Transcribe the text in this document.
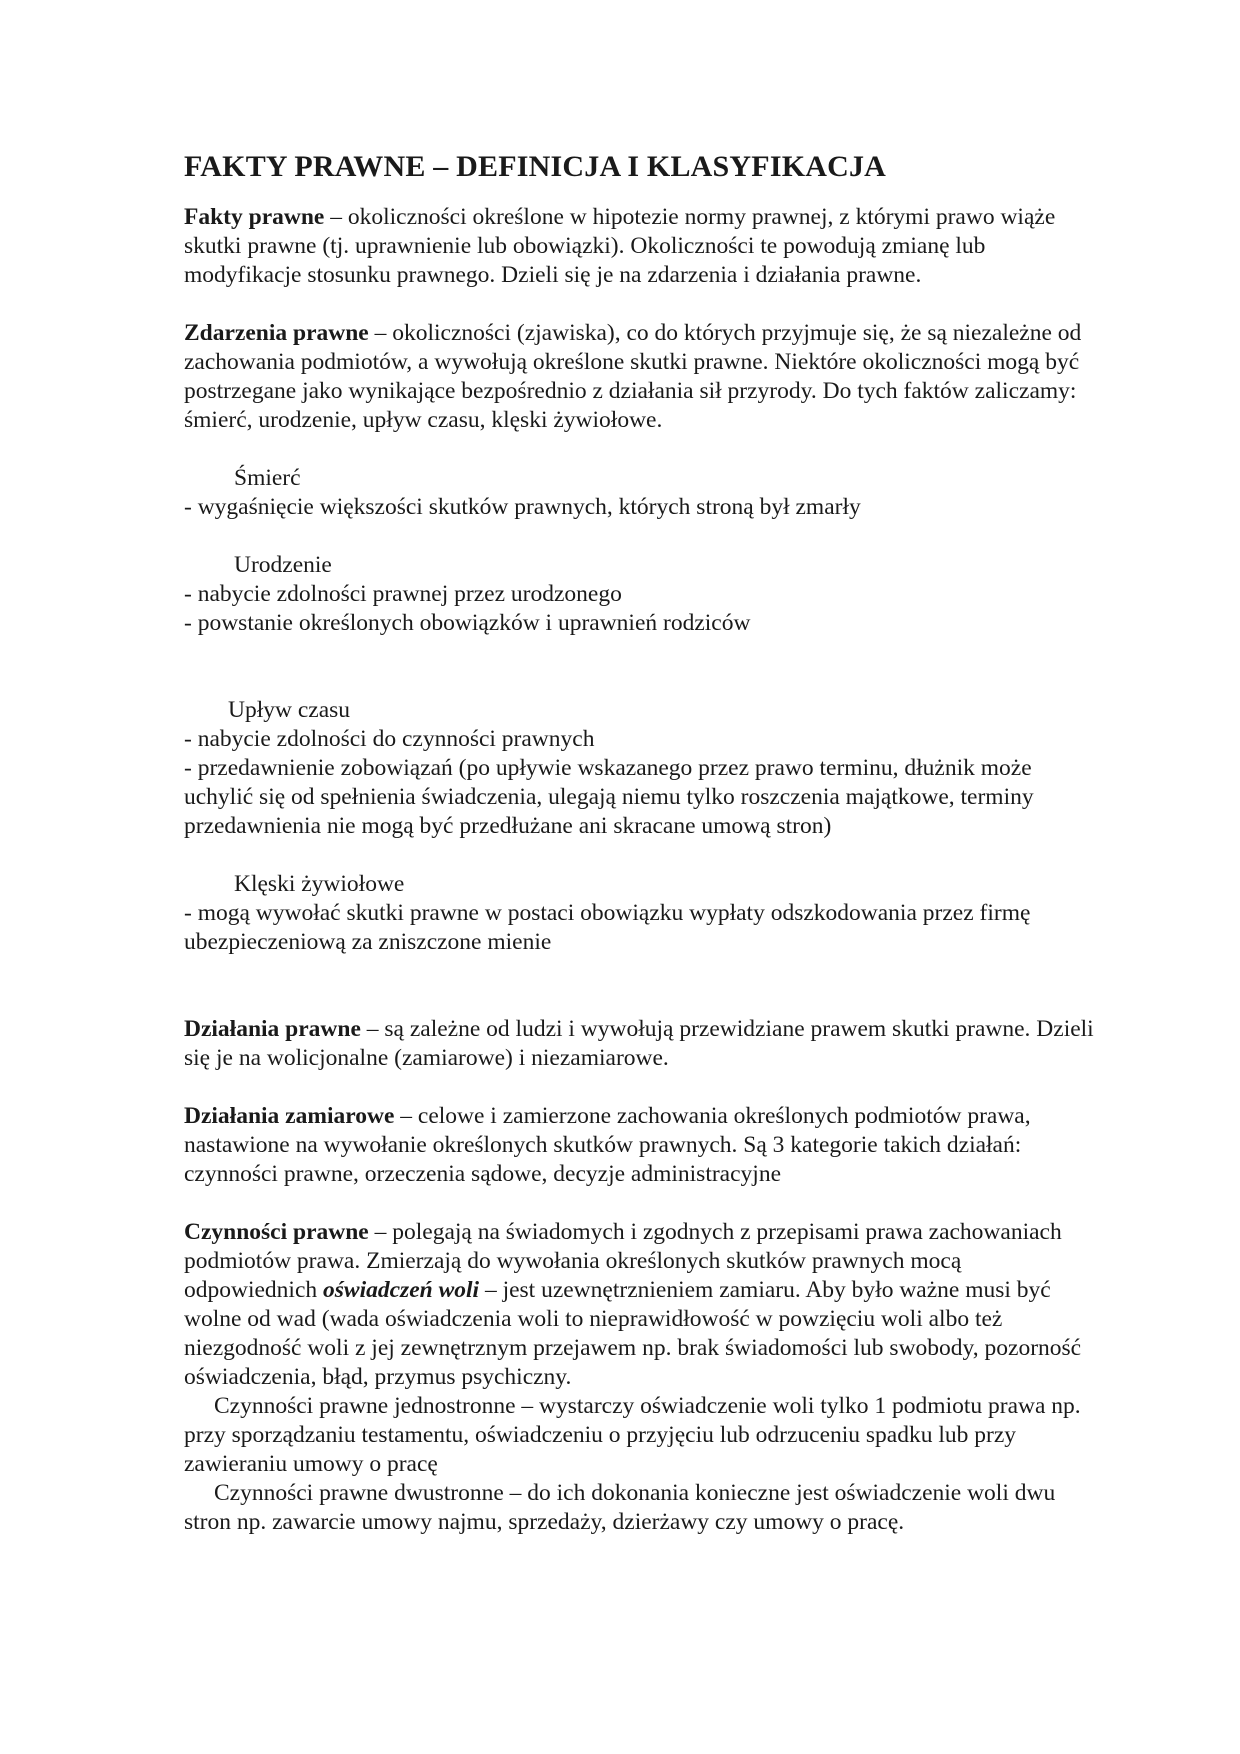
FAKTY PRAWNE – DEFINICJA I KLASYFIKACJA

Fakty prawne – okoliczności określone w hipotezie normy prawnej, z którymi prawo wiąże skutki prawne (tj. uprawnienie lub obowiązki). Okoliczności te powodują zmianę lub modyfikacje stosunku prawnego. Dzieli się je na zdarzenia i działania prawne.

Zdarzenia prawne – okoliczności (zjawiska), co do których przyjmuje się, że są niezależne od zachowania podmiotów, a wywołują określone skutki prawne. Niektóre okoliczności mogą być postrzegane jako wynikające bezpośrednio z działania sił przyrody. Do tych faktów zaliczamy: śmierć, urodzenie, upływ czasu, klęski żywiołowe.

Śmierć

- wygaśnięcie większości skutków prawnych, których stroną był zmarły

Urodzenie

- nabycie zdolności prawnej przez urodzonego

- powstanie określonych obowiązków i uprawnień rodziców

Upływ czasu

- nabycie zdolności do czynności prawnych

- przedawnienie zobowiązań (po upływie wskazanego przez prawo terminu, dłużnik może uchylić się od spełnienia świadczenia, ulegają niemu tylko roszczenia majątkowe, terminy przedawnienia nie mogą być przedłużane ani skracane umową stron)

Klęski żywiołowe

- mogą wywołać skutki prawne w postaci obowiązku wypłaty odszkodowania przez firmę ubezpieczeniową za zniszczone mienie

Działania prawne – są zależne od ludzi i wywołują przewidziane prawem skutki prawne. Dzieli się je na wolicjonalne (zamiarowe) i niezamiarowe.

Działania zamiarowe – celowe i zamierzone zachowania określonych podmiotów prawa, nastawione na wywołanie określonych skutków prawnych. Są 3 kategorie takich działań: czynności prawne, orzeczenia sądowe, decyzje administracyjne

Czynności prawne – polegają na świadomych i zgodnych z przepisami prawa zachowaniach podmiotów prawa. Zmierzają do wywołania określonych skutków prawnych mocą odpowiednich oświadczeń woli – jest uzewnętrznieniem zamiaru. Aby było ważne musi być wolne od wad (wada oświadczenia woli to nieprawidłowość w powzięciu woli albo też niezgodność woli z jej zewnętrznym przejawem np. brak świadomości lub swobody, pozorność oświadczenia, błąd, przymus psychiczny.

Czynności prawne jednostronne – wystarczy oświadczenie woli tylko 1 podmiotu prawa np. przy sporządzaniu testamentu, oświadczeniu o przyjęciu lub odrzuceniu spadku lub przy zawieraniu umowy o pracę

Czynności prawne dwustronne – do ich dokonania konieczne jest oświadczenie woli dwu stron np. zawarcie umowy najmu, sprzedaży, dzierżawy czy umowy o pracę.
